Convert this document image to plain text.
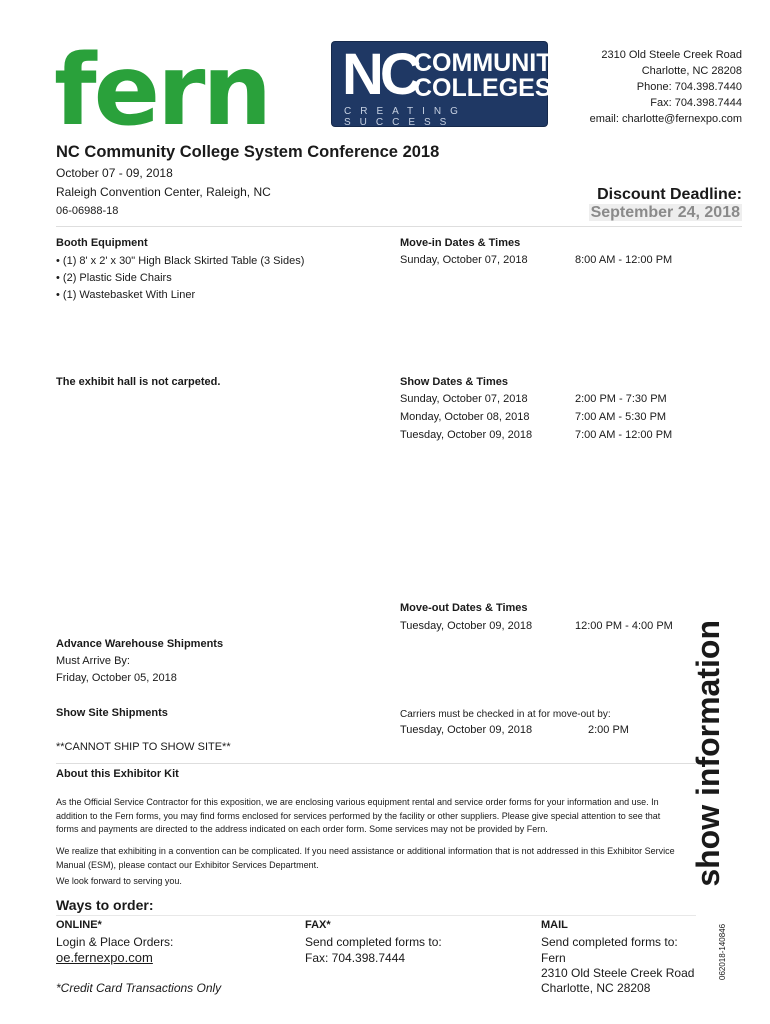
fern NC
COMMUNITY
COLLEGES
CREATING SUCCESS
2310 Old Steele Creek Road
Charlotte, NC 28208
Phone: 704.398.7440
Fax: 704.398.7444
email: charlotte@fernexpo.com
NC Community College System Conference 2018
October 07 - 09, 2018
Raleigh Convention Center, Raleigh, NC
06-06988-18
Discount Deadline:
September 24, 2018
Booth Equipment
• (1) 8' x 2' x 30" High Black Skirted Table (3 Sides)
• (2) Plastic Side Chairs
• (1) Wastebasket With Liner
The exhibit hall is not carpeted.
Move-in Dates & Times
Sunday, October 07, 2018	8:00 AM - 12:00 PM
Show Dates & Times
Sunday, October 07, 2018	2:00 PM - 7:30 PM
Monday, October 08, 2018	7:00 AM - 5:30 PM
Tuesday, October 09, 2018	7:00 AM - 12:00 PM
Move-out Dates & Times
Tuesday, October 09, 2018	12:00 PM - 4:00 PM
Advance Warehouse Shipments
Must Arrive By:
Friday, October 05, 2018
Show Site Shipments
**CANNOT SHIP TO SHOW SITE**
Carriers must be checked in at for move-out by:
Tuesday, October 09, 2018	2:00 PM
About this Exhibitor Kit
As the Official Service Contractor for this exposition, we are enclosing various equipment rental and service order forms for your information and use. In
addition to the Fern forms, you may find forms enclosed for services performed by the facility or other suppliers. Please give special attention to see that
forms and payments are directed to the address indicated on each order form. Some services may not be provided by Fern.
We realize that exhibiting in a convention can be complicated. If you need assistance or additional information that is not addressed in this Exhibitor Service
Manual (ESM), please contact our Exhibitor Services Department.
We look forward to serving you.	show information
062018-140846
Ways to order:
ONLINE*
Login & Place Orders:
oe.fernexpo.com
*Credit Card Transactions Only
FAX*
Send completed forms to:
Fax: 704.398.7444
MAIL
Send completed forms to:
Fern
2310 Old Steele Creek Road
Charlotte, NC 28208
